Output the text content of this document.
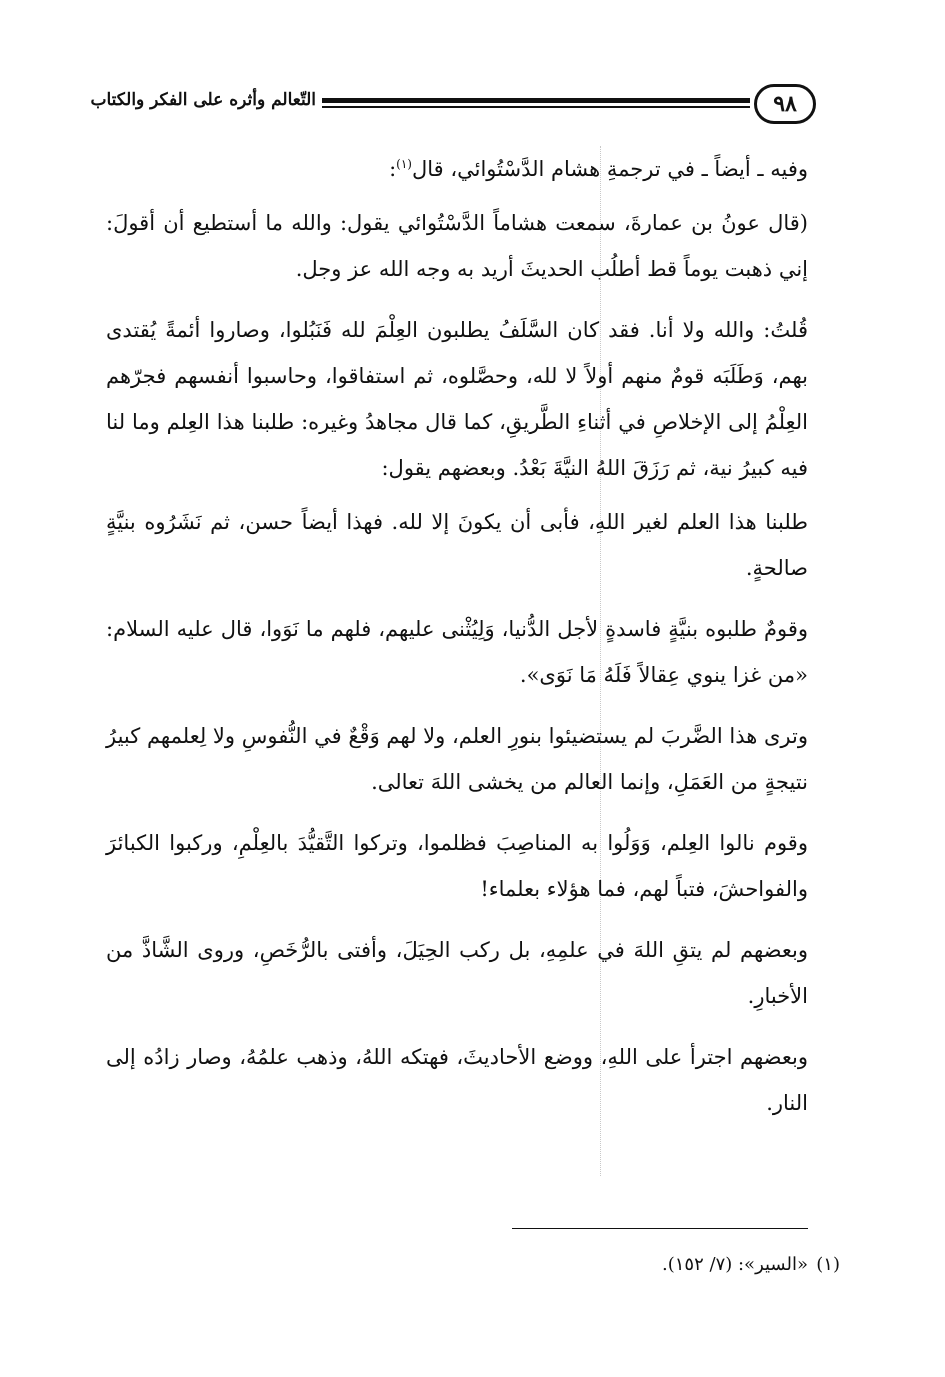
٩٨
التّعالم وأثره على الفكر والكتاب

وفيه ـ أيضاً ـ في ترجمةِ هشام الدَّسْتُوائي، قال$^{(١)}$:

(قال عونُ بن عمارةَ، سمعت هشاماً الدَّسْتُوائي يقول: والله ما أستطيع أن أقولَ: إني ذهبت يوماً قط أطلُب الحديثَ أريد به وجه الله عز وجل.

قُلتُ: والله ولا أنا. فقد كان السَّلَفُ يطلبون العِلْمَ لله فَنَبُلوا، وصاروا أئمةً يُقتدى بهم، وَطَلَبَه قومٌ منهم أولاً لا لله، وحصَّلوه، ثم استفاقوا، وحاسبوا أنفسهم فجرّهم العِلْمُ إلى الإخلاصِ في أثناءِ الطَّريقِ، كما قال مجاهدُ وغيره: طلبنا هذا العِلم وما لنا فيه كبيرُ نية، ثم رَزَقَ اللهُ النيَّةَ بَعْدُ. وبعضهم يقول:

طلبنا هذا العلم لغير اللهِ، فأبى أن يكونَ إلا لله. فهذا أيضاً حسن، ثم نَشَرُوه بنيَّةٍ صالحةٍ.

وقومٌ طلبوه بنيَّةٍ فاسدةٍ لأجل الدُّنيا، وَلِيُثْنى عليهم، فلهم ما نَوَوا، قال عليه السلام: «من غزا ينوي عِقالاً فَلَهُ مَا نَوَى».

وترى هذا الضَّربَ لم يستضيئوا بنورِ العلم، ولا لهم وَقْعٌ في النُّفوسِ ولا لِعلمهم كبيرُ نتيجةٍ من العَمَلِ، وإنما العالم من يخشى اللهَ تعالى.

وقوم نالوا العِلم، وَوَلُوا به المناصِبَ فظلموا، وتركوا التَّقيُّدَ بالعِلْمِ، وركبوا الكبائرَ والفواحشَ، فتباً لهم، فما هؤلاء بعلماء!

وبعضهم لم يتقِ اللهَ في علمِهِ، بل ركب الحِيَلَ، وأفتى بالرُّخَصِ، وروى الشَّاذَّ من الأخبارِ.

وبعضهم اجترأ على اللهِ، ووضع الأحاديثَ، فهتكه اللهُ، وذهب علمُهُ، وصار زادُه إلى النار.

(١)
«السير»: (٧/ ١٥٢).
